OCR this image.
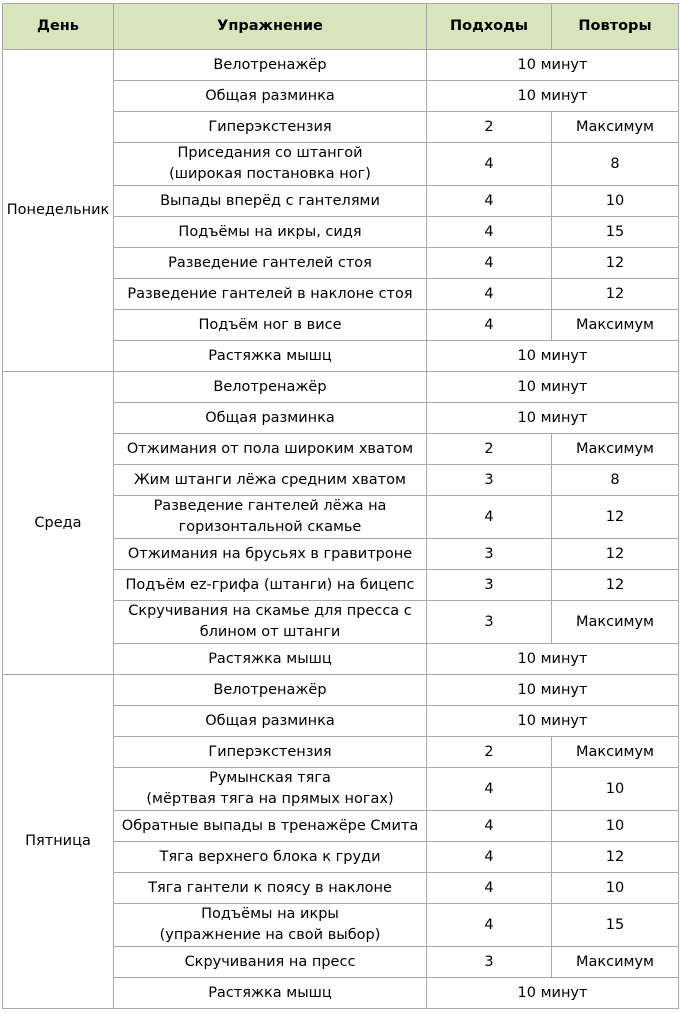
День	Упражнение	Подходы	Повторы
Понедельник	Велотренажёр	10 минут	
	Общая разминка	10 минут	
	Гиперэкстензия	2	Максимум
	Приседания со штангой
(широкая постановка ног)	4	8
	Выпады вперёд с гантелями	4	10
	Подъёмы на икры, сидя	4	15
	Разведение гантелей стоя	4	12
	Разведение гантелей в наклоне стоя	4	12
	Подъём ног в висе	4	Максимум
	Растяжка мышц	10 минут	
Среда	Велотренажёр	10 минут	
	Общая разминка	10 минут	
	Отжимания от пола широким хватом	2	Максимум
	Жим штанги лёжа средним хватом	3	8
	Разведение гантелей лёжа на
горизонтальной скамье	4	12
	Отжимания на брусьях в гравитроне	3	12
	Подъём ez-грифа (штанги) на бицепс	3	12
	Скручивания на скамье для пресса с
блином от штанги	3	Максимум
	Растяжка мышц	10 минут	
Пятница	Велотренажёр	10 минут	
	Общая разминка	10 минут	
	Гиперэкстензия	2	Максимум
	Румынская тяга
(мёртвая тяга на прямых ногах)	4	10
	Обратные выпады в тренажёре Смита	4	10
	Тяга верхнего блока к груди	4	12
	Тяга гантели к поясу в наклоне	4	10
	Подъёмы на икры
(упражнение на свой выбор)	4	15
	Скручивания на пресс	3	Максимум
	Растяжка мышц	10 минут	
